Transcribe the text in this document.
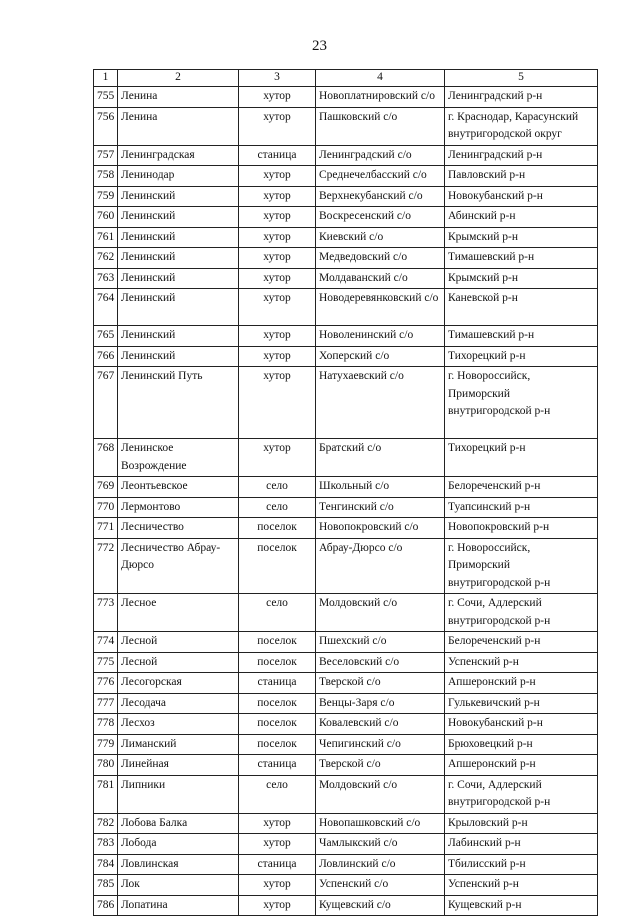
23
1	2	3	4	5
755	Ленина	хутор	Новоплатнировский с/о	Ленинградский р-н
756	Ленина	хутор	Пашковский с/о	г. Краснодар, Карасунский внутригородской округ
757	Ленинградская	станица	Ленинградский с/о	Ленинградский р-н
758	Ленинодар	хутор	Среднечелбасский с/о	Павловский р-н
759	Ленинский	хутор	Верхнекубанский с/о	Новокубанский р-н
760	Ленинский	хутор	Воскресенский с/о	Абинский р-н
761	Ленинский	хутор	Киевский с/о	Крымский р-н
762	Ленинский	хутор	Медведовский с/о	Тимашевский р-н
763	Ленинский	хутор	Молдаванский с/о	Крымский р-н
764	Ленинский	хутор	Новодеревянковский с/о	Каневской р-н
765	Ленинский	хутор	Новоленинский с/о	Тимашевский р-н
766	Ленинский	хутор	Хоперский с/о	Тихорецкий р-н
767	Ленинский Путь	хутор	Натухаевский с/о	г. Новороссийск, Приморский внутригородской р-н
768	Ленинское Возрождение	хутор	Братский с/о	Тихорецкий р-н
769	Леонтьевское	село	Школьный с/о	Белореченский р-н
770	Лермонтово	село	Тенгинский с/о	Туапсинский р-н
771	Лесничество	поселок	Новопокровский с/о	Новопокровский р-н
772	Лесничество Абрау-Дюрсо	поселок	Абрау-Дюрсо с/о	г. Новороссийск, Приморский внутригородской р-н
773	Лесное	село	Молдовский с/о	г. Сочи, Адлерский внутригородской р-н
774	Лесной	поселок	Пшехский с/о	Белореченский р-н
775	Лесной	поселок	Веселовский с/о	Успенский р-н
776	Лесогорская	станица	Тверской с/о	Апшеронский р-н
777	Лесодача	поселок	Венцы-Заря с/о	Гулькевичский р-н
778	Лесхоз	поселок	Ковалевский с/о	Новокубанский р-н
779	Лиманский	поселок	Чепигинский с/о	Брюховецкий р-н
780	Линейная	станица	Тверской с/о	Апшеронский р-н
781	Липники	село	Молдовский с/о	г. Сочи, Адлерский внутригородской р-н
782	Лобова Балка	хутор	Новопашковский с/о	Крыловский р-н
783	Лобода	хутор	Чамлыкский с/о	Лабинский р-н
784	Ловлинская	станица	Ловлинский с/о	Тбилисский р-н
785	Лок	хутор	Успенский с/о	Успенский р-н
786	Лопатина	хутор	Кущевский с/о	Кущевский р-н
